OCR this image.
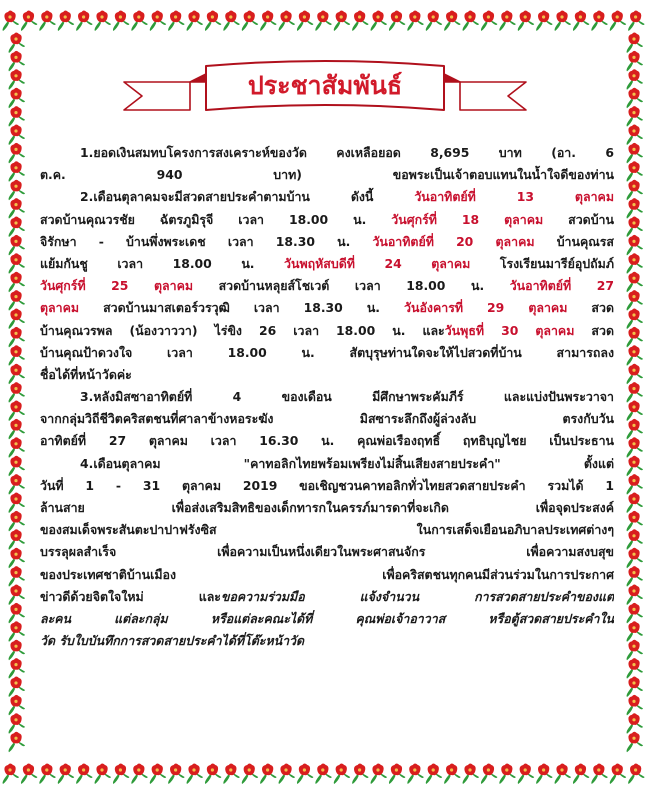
ประชาสัมพันธ์
1.ยอดเงินสมทบโครงการสงเคราะห์ของวัด คงเหลือยอด 8,695 บาท (อา. 6
ต.ค. 940 บาท) ขอพระเป็นเจ้าตอบแทนในน้ำใจดีของท่าน
2.เดือนตุลาคมจะมีสวดสายประคำตามบ้าน ดังนี้ วันอาทิตย์ที่ 13 ตุลาคม
สวดบ้านคุณวรชัย ฉัตรภูมิรุจี เวลา 18.00 น. วันศุกร์ที่ 18 ตุลาคม สวดบ้าน
จิรักษา - บ้านพึ่งพระเดช เวลา 18.30 น. วันอาทิตย์ที่ 20 ตุลาคม บ้านคุณรส
แย้มกันชู เวลา 18.00 น. วันพฤหัสบดีที่ 24 ตุลาคม โรงเรียนมารีย์อุปถัมภ์
วันศุกร์ที่ 25 ตุลาคม สวดบ้านหลุยส์โชเวต์ เวลา 18.00 น. วันอาทิตย์ที่ 27
ตุลาคม สวดบ้านมาสเตอร์วรวุฒิ เวลา 18.30 น. วันอังคารที่ 29 ตุลาคม สวด
บ้านคุณวรพล (น้องวาววา) ไร่ขิง 26 เวลา 18.00 น. และวันพุธที่ 30 ตุลาคม สวด
บ้านคุณป้าดวงใจ เวลา 18.00 น. สัตบุรุษท่านใดจะให้ไปสวดที่บ้าน สามารถลง
ชื่อได้ที่หน้าวัดค่ะ
3.หลังมิสซาอาทิตย์ที่ 4 ของเดือน มีศึกษาพระคัมภีร์ และแบ่งปันพระวาจา
จากกลุ่มวิถีชีวิตคริสตชนที่ศาลาข้างหอระฆัง มิสซาระลึกถึงผู้ล่วงลับ ตรงกับวัน
อาทิตย์ที่ 27 ตุลาคม เวลา 16.30 น. คุณพ่อเรืองฤทธิ์ ฤทธิบุญไชย เป็นประธาน
4.เดือนตุลาคม "คาทอลิกไทยพร้อมเพรียงไม่สิ้นเสียงสายประคำ" ตั้งแต่
วันที่ 1 - 31 ตุลาคม 2019 ขอเชิญชวนคาทอลิกทั่วไทยสวดสายประคำ รวมได้ 1
ล้านสาย เพื่อส่งเสริมสิทธิของเด็กทารกในครรภ์มารดาที่จะเกิด เพื่อจุดประสงค์
ของสมเด็จพระสันตะปาปาฟรังซิส ในการเสด็จเยือนอภิบาลประเทศต่างๆ
บรรลุผลสำเร็จ เพื่อความเป็นหนึ่งเดียวในพระศาสนจักร เพื่อความสงบสุข
ของประเทศชาติบ้านเมือง เพื่อคริสตชนทุกคนมีส่วนร่วมในการประกาศ
ข่าวดีด้วยจิตใจใหม่ และขอความร่วมมือ แจ้งจำนวน การสวดสายประคำของแต่
ละคน แต่ละกลุ่ม หรือแต่ละคณะได้ที่ คุณพ่อเจ้าอาวาส หรือตู้สวดสายประคำใน
วัด รับใบบันทึกการสวดสายประคำได้ที่โต๊ะหน้าวัด
